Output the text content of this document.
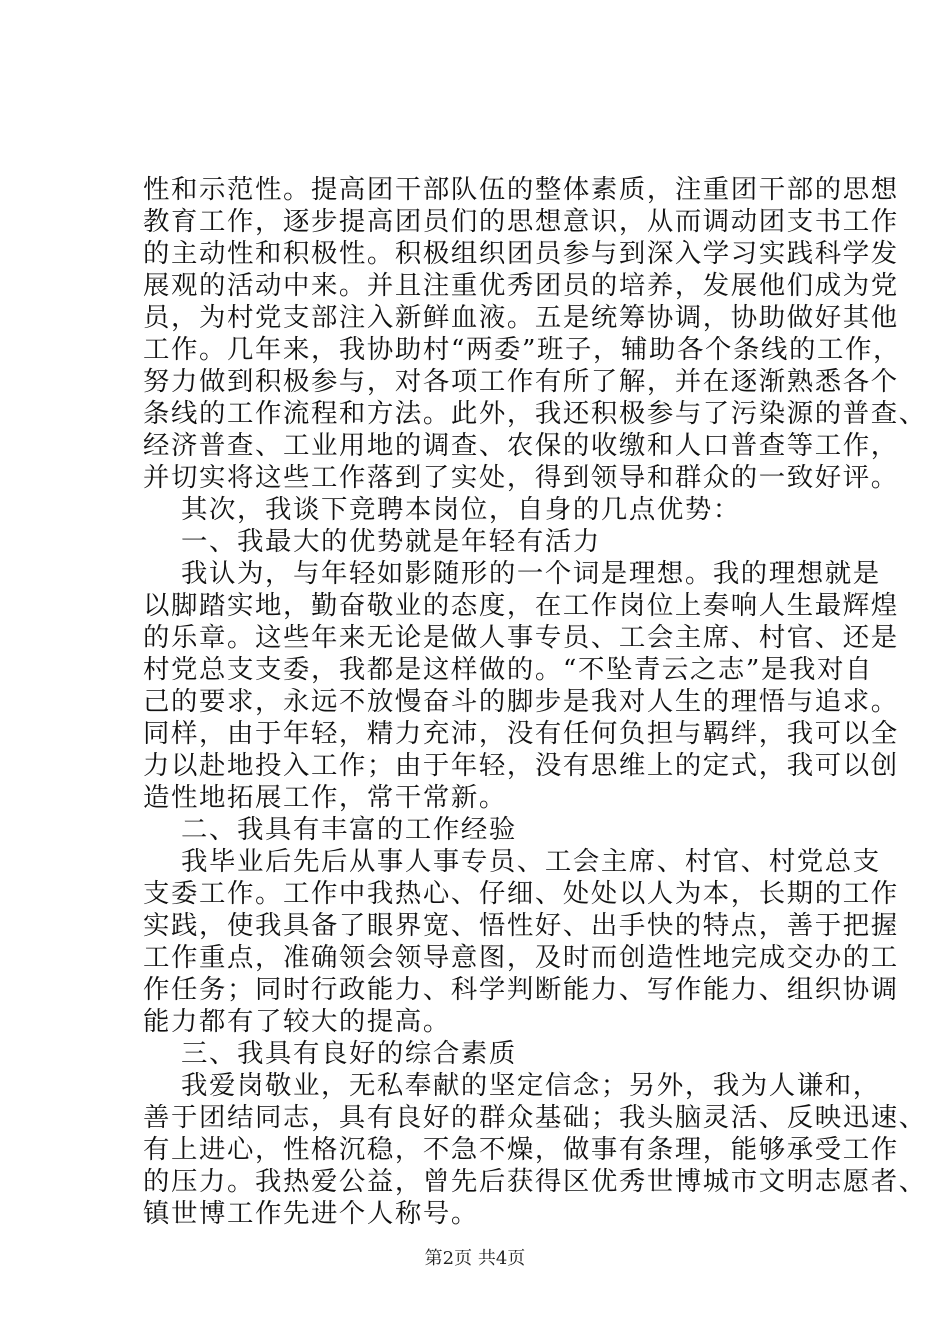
性和示范性。提高团干部队伍的整体素质，注重团干部的思想
教育工作，逐步提高团员们的思想意识，从而调动团支书工作
的主动性和积极性。积极组织团员参与到深入学习实践科学发
展观的活动中来。并且注重优秀团员的培养，发展他们成为党
员，为村党支部注入新鲜血液。五是统筹协调，协助做好其他
工作。几年来，我协助村“两委”班子，辅助各个条线的工作，
努力做到积极参与，对各项工作有所了解，并在逐渐熟悉各个
条线的工作流程和方法。此外，我还积极参与了污染源的普查、
经济普查、工业用地的调查、农保的收缴和人口普查等工作，
并切实将这些工作落到了实处，得到领导和群众的一致好评。
其次，我谈下竞聘本岗位，自身的几点优势：
一、我最大的优势就是年轻有活力
我认为，与年轻如影随形的一个词是理想。我的理想就是
以脚踏实地，勤奋敬业的态度，在工作岗位上奏响人生最辉煌
的乐章。这些年来无论是做人事专员、工会主席、村官、还是
村党总支支委，我都是这样做的。“不坠青云之志”是我对自
己的要求，永远不放慢奋斗的脚步是我对人生的理悟与追求。
同样，由于年轻，精力充沛，没有任何负担与羁绊，我可以全
力以赴地投入工作；由于年轻，没有思维上的定式，我可以创
造性地拓展工作，常干常新。
二、我具有丰富的工作经验
我毕业后先后从事人事专员、工会主席、村官、村党总支
支委工作。工作中我热心、仔细、处处以人为本，长期的工作
实践，使我具备了眼界宽、悟性好、出手快的特点，善于把握
工作重点，准确领会领导意图，及时而创造性地完成交办的工
作任务；同时行政能力、科学判断能力、写作能力、组织协调
能力都有了较大的提高。
三、我具有良好的综合素质
我爱岗敬业，无私奉献的坚定信念；另外，我为人谦和，
善于团结同志，具有良好的群众基础；我头脑灵活、反映迅速、
有上进心，性格沉稳，不急不燥，做事有条理，能够承受工作
的压力。我热爱公益，曾先后获得区优秀世博城市文明志愿者、
镇世博工作先进个人称号。
第2页 共4页
